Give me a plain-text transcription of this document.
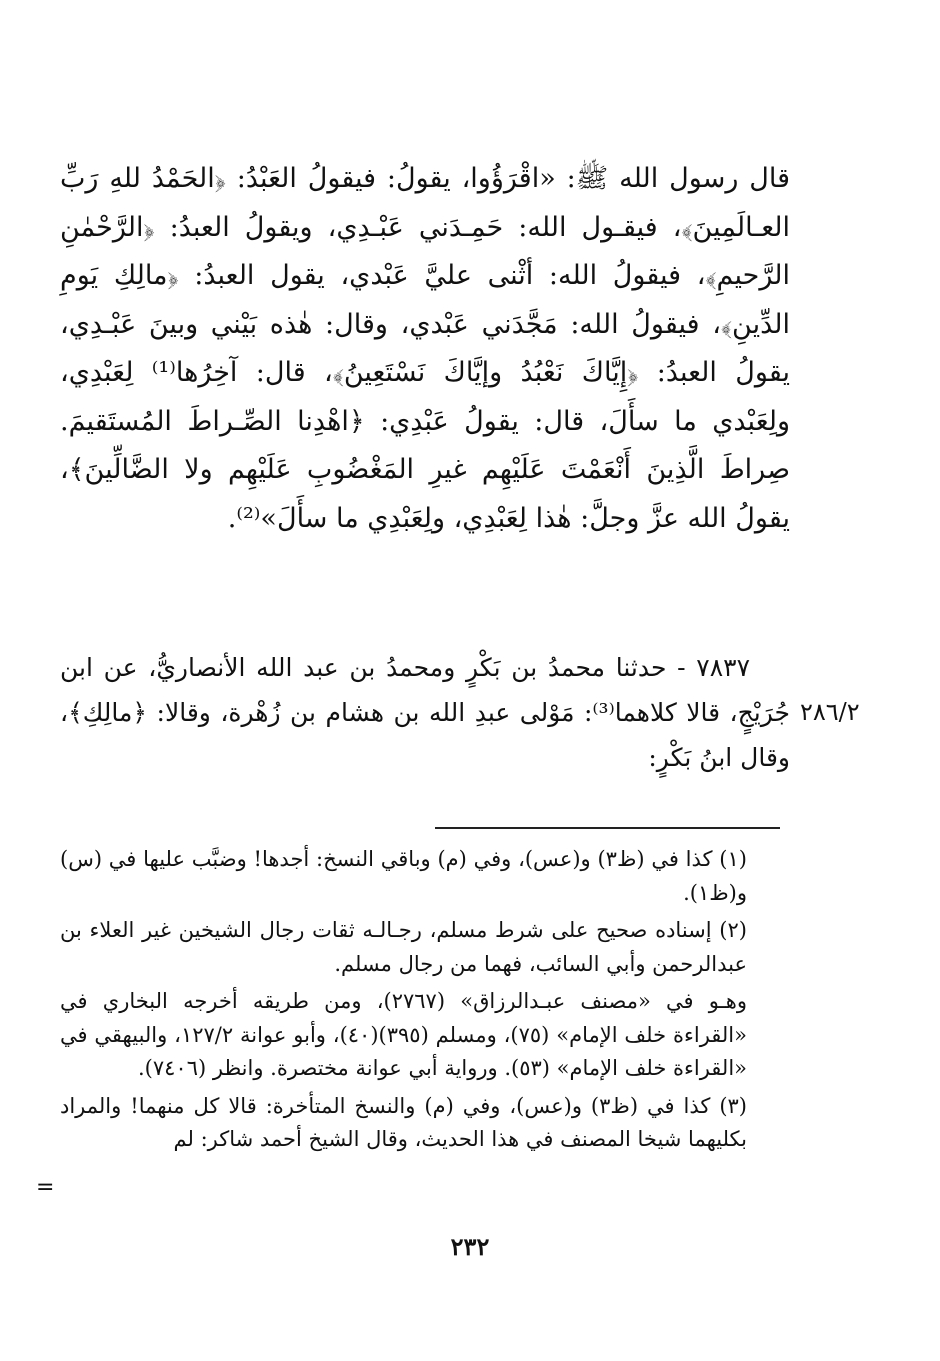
قال رسول الله ﷺ: «اقْرَؤُوا، يقولُ: فيقولُ العَبْدُ: ﴿الحَمْدُ للهِ رَبِّ العـالَمِينَ﴾، فيقـول الله: حَمِـدَني عَبْـدِي، ويقولُ العبدُ: ﴿الرَّحْمٰنِ الرَّحيمِ﴾، فيقولُ الله: أثْنى عليَّ عَبْدي، يقول العبدُ: ﴿مالِكِ يَومِ الدِّينِ﴾، فيقولُ الله: مَجَّدَني عَبْدي، وقال: هٰذه بَيْني وبينَ عَبْـدِي، يقولُ العبدُ: ﴿إِيَّاكَ نَعْبُدُ وإيَّاكَ نَسْتَعِينُ﴾، قال: آخِرُها⁽¹⁾ لِعَبْدِي، ولِعَبْدي ما سأَلَ، قال: يقولُ عَبْدِي: ﴿اهْدِنا الصِّـراطَ المُستَقيمَ. صِراطَ الَّذِينَ أَنْعَمْتَ عَلَيْهِم غيرِ المَغْضُوبِ عَلَيْهِم ولا الضَّالِّينَ﴾، يقولُ الله عزَّ وجلَّ: هٰذا لِعَبْدِي، ولِعَبْدِي ما سأَلَ»⁽²⁾.

٧٨٣٧ - حدثنا محمدُ بن بَكْرٍ ومحمدُ بن عبد الله الأنصاريُّ، عن ابن جُرَيْجٍ، قالا كلاهما⁽³⁾: مَوْلى عبدِ الله بن هشام بن زُهْرة، وقالا: ﴿مالِكِ﴾، وقال ابنُ بَكْرٍ:

٢٨٦/٢

(١) كذا في (ظ٣) و(عس)، وفي (م) وباقي النسخ: أجدها! وضبَّب عليها في (س) و(ظ١).

(٢) إسناده صحيح على شرط مسلم، رجـالـه ثقات رجال الشيخين غير العلاء بن عبدالرحمن وأبي السائب، فهما من رجال مسلم.

وهـو في «مصنف عبـدالرزاق» (٢٧٦٧)، ومن طريقه أخرجه البخاري في «القراءة خلف الإمام» (٧٥)، ومسلم (٣٩٥)(٤٠)، وأبو عوانة ١٢٧/٢، والبيهقي في «القراءة خلف الإمام» (٥٣). ورواية أبي عوانة مختصرة. وانظر (٧٤٠٦).

(٣) كذا في (ظ٣) و(عس)، وفي (م) والنسخ المتأخرة: قالا كل منهما! والمراد بكليهما شيخا المصنف في هذا الحديث، وقال الشيخ أحمد شاكر: لم

=
٢٣٢
